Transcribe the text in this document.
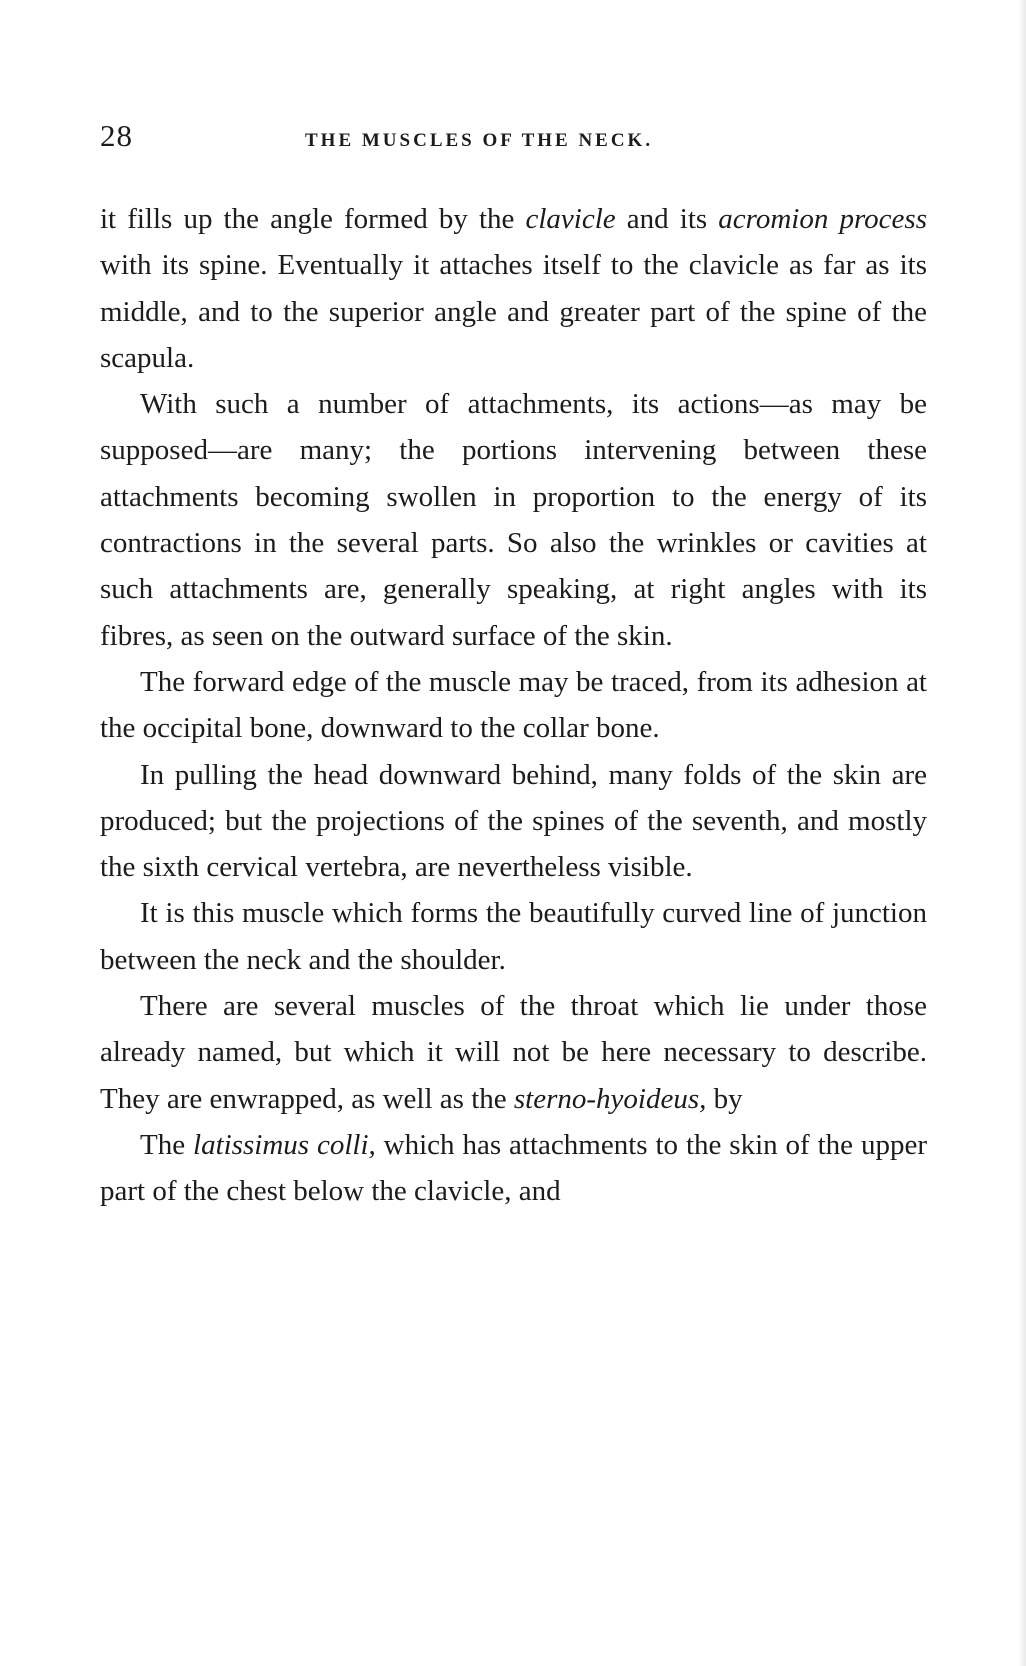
28	THE MUSCLES OF THE NECK.

it fills up the angle formed by the clavicle and its acromion process with its spine. Eventually it attaches itself to the clavicle as far as its middle, and to the superior angle and greater part of the spine of the scapula.

With such a number of attachments, its actions—as may be supposed—are many; the portions intervening between these attachments becoming swollen in proportion to the energy of its contractions in the several parts. So also the wrinkles or cavities at such attachments are, generally speaking, at right angles with its fibres, as seen on the outward surface of the skin.

The forward edge of the muscle may be traced, from its adhesion at the occipital bone, downward to the collar bone.

In pulling the head downward behind, many folds of the skin are produced; but the projections of the spines of the seventh, and mostly the sixth cervical vertebra, are nevertheless visible.

It is this muscle which forms the beautifully curved line of junction between the neck and the shoulder.

There are several muscles of the throat which lie under those already named, but which it will not be here necessary to describe. They are enwrapped, as well as the sterno-hyoideus, by

The latissimus colli, which has attachments to the skin of the upper part of the chest below the clavicle, and
